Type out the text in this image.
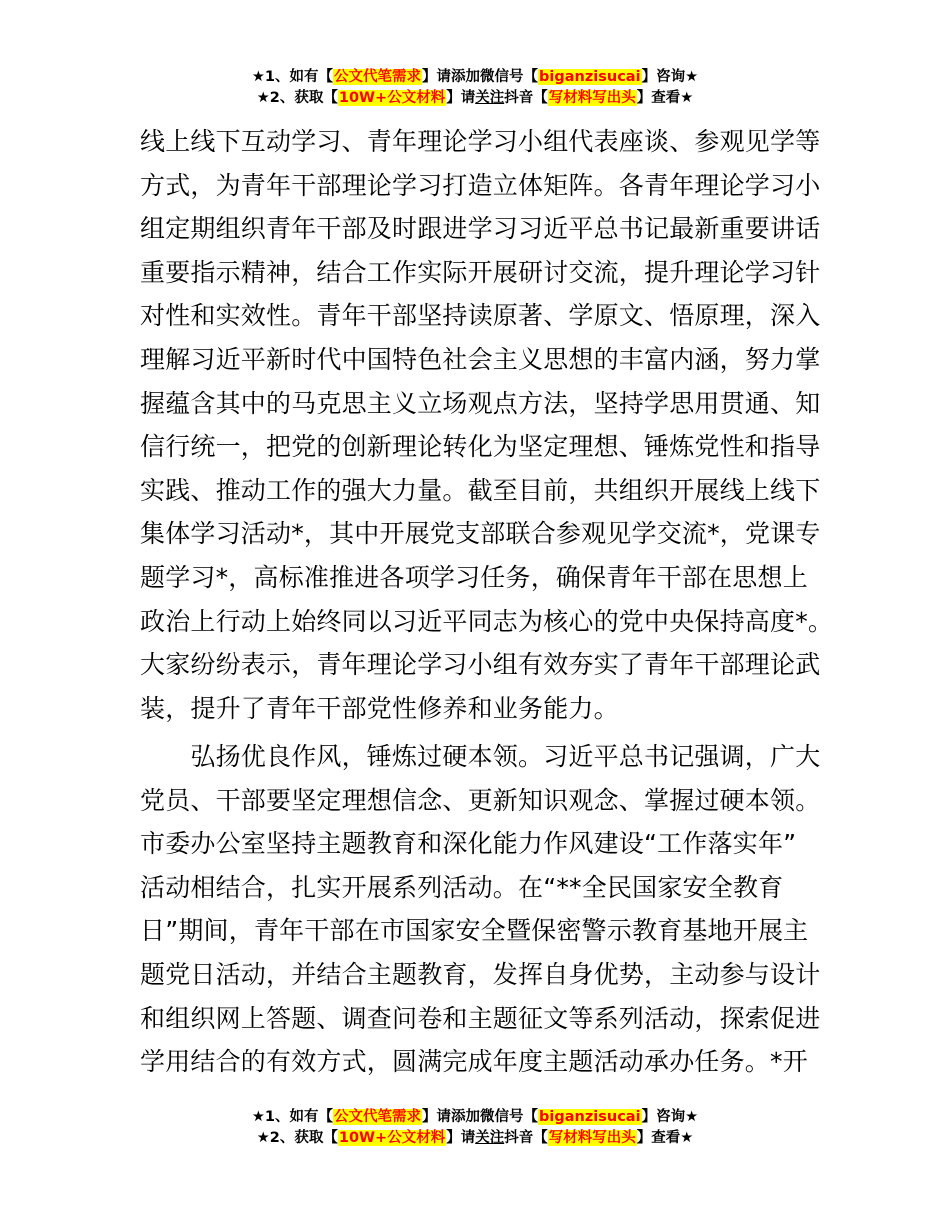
★1、如有【公文代笔需求】请添加微信号【biganzisucai】咨询★
★2、获取【10W+公文材料】请关注抖音【写材料写出头】查看★
线上线下互动学习、青年理论学习小组代表座谈、参观见学等
方式，为青年干部理论学习打造立体矩阵。各青年理论学习小
组定期组织青年干部及时跟进学习习近平总书记最新重要讲话
重要指示精神，结合工作实际开展研讨交流，提升理论学习针
对性和实效性。青年干部坚持读原著、学原文、悟原理，深入
理解习近平新时代中国特色社会主义思想的丰富内涵，努力掌
握蕴含其中的马克思主义立场观点方法，坚持学思用贯通、知
信行统一，把党的创新理论转化为坚定理想、锤炼党性和指导
实践、推动工作的强大力量。截至目前，共组织开展线上线下
集体学习活动*，其中开展党支部联合参观见学交流*，党课专
题学习*，高标准推进各项学习任务，确保青年干部在思想上
政治上行动上始终同以习近平同志为核心的党中央保持高度*。
大家纷纷表示，青年理论学习小组有效夯实了青年干部理论武
装，提升了青年干部党性修养和业务能力。
　　弘扬优良作风，锤炼过硬本领。习近平总书记强调，广大
党员、干部要坚定理想信念、更新知识观念、掌握过硬本领。
市委办公室坚持主题教育和深化能力作风建设“工作落实年”
活动相结合，扎实开展系列活动。在“**全民国家安全教育
日”期间，青年干部在市国家安全暨保密警示教育基地开展主
题党日活动，并结合主题教育，发挥自身优势，主动参与设计
和组织网上答题、调查问卷和主题征文等系列活动，探索促进
学用结合的有效方式，圆满完成年度主题活动承办任务。*开
★1、如有【公文代笔需求】请添加微信号【biganzisucai】咨询★
★2、获取【10W+公文材料】请关注抖音【写材料写出头】查看★
